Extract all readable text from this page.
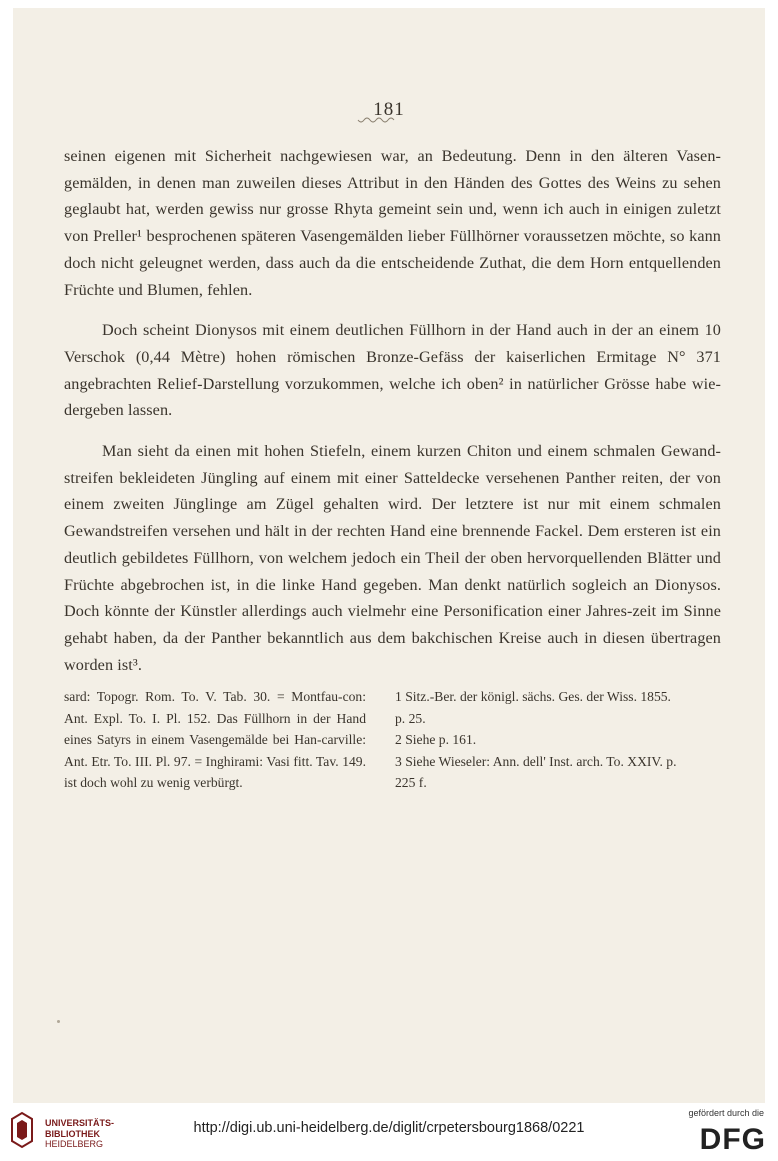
181

seinen eigenen mit Sicherheit nachgewiesen war, an Bedeutung. Denn in den älteren Vasen-gemälden, in denen man zuweilen dieses Attribut in den Händen des Gottes des Weins zu sehen geglaubt hat, werden gewiss nur grosse Rhyta gemeint sein und, wenn ich auch in einigen zuletzt von Preller¹ besprochenen späteren Vasengemälden lieber Füllhörner voraussetzen möchte, so kann doch nicht geleugnet werden, dass auch da die entscheidende Zuthat, die dem Horn entquellenden Früchte und Blumen, fehlen.

Doch scheint Dionysos mit einem deutlichen Füllhorn in der Hand auch in der an einem 10 Verschok (0,44 Mètre) hohen römischen Bronze-Gefäss der kaiserlichen Ermitage N° 371 angebrachten Relief-Darstellung vorzukommen, welche ich oben² in natürlicher Grösse habe wie-dergeben lassen.

Man sieht da einen mit hohen Stiefeln, einem kurzen Chiton und einem schmalen Gewand-streifen bekleideten Jüngling auf einem mit einer Satteldecke versehenen Panther reiten, der von einem zweiten Jünglinge am Zügel gehalten wird. Der letztere ist nur mit einem schmalen Gewandstreifen versehen und hält in der rechten Hand eine brennende Fackel. Dem ersteren ist ein deutlich gebildetes Füllhorn, von welchem jedoch ein Theil der oben hervorquellenden Blätter und Früchte abgebrochen ist, in die linke Hand gegeben. Man denkt natürlich sogleich an Dionysos. Doch könnte der Künstler allerdings auch vielmehr eine Personification einer Jahres-zeit im Sinne gehabt haben, da der Panther bekanntlich aus dem bakchischen Kreise auch in diesen übertragen worden ist³.

sard: Topogr. Rom. To. V. Tab. 30. = Montfau-con: Ant. Expl. To. I. Pl. 152. Das Füllhorn in der Hand eines Satyrs in einem Vasengemälde bei Han-carville: Ant. Etr. To. III. Pl. 97. = Inghirami: Vasi fitt. Tav. 149. ist doch wohl zu wenig verbürgt.
1 Sitz.-Ber. der königl. sächs. Ges. der Wiss. 1855. p. 25.
2 Siehe p. 161.
3 Siehe Wieseler: Ann. dell' Inst. arch. To. XXIV. p. 225 f.
UNIVERSITÄTS-
BIBLIOTHEK
HEIDELBERG
http://digi.ub.uni-heidelberg.de/diglit/crpetersbourg1868/0221
gefördert durch die
DFG
